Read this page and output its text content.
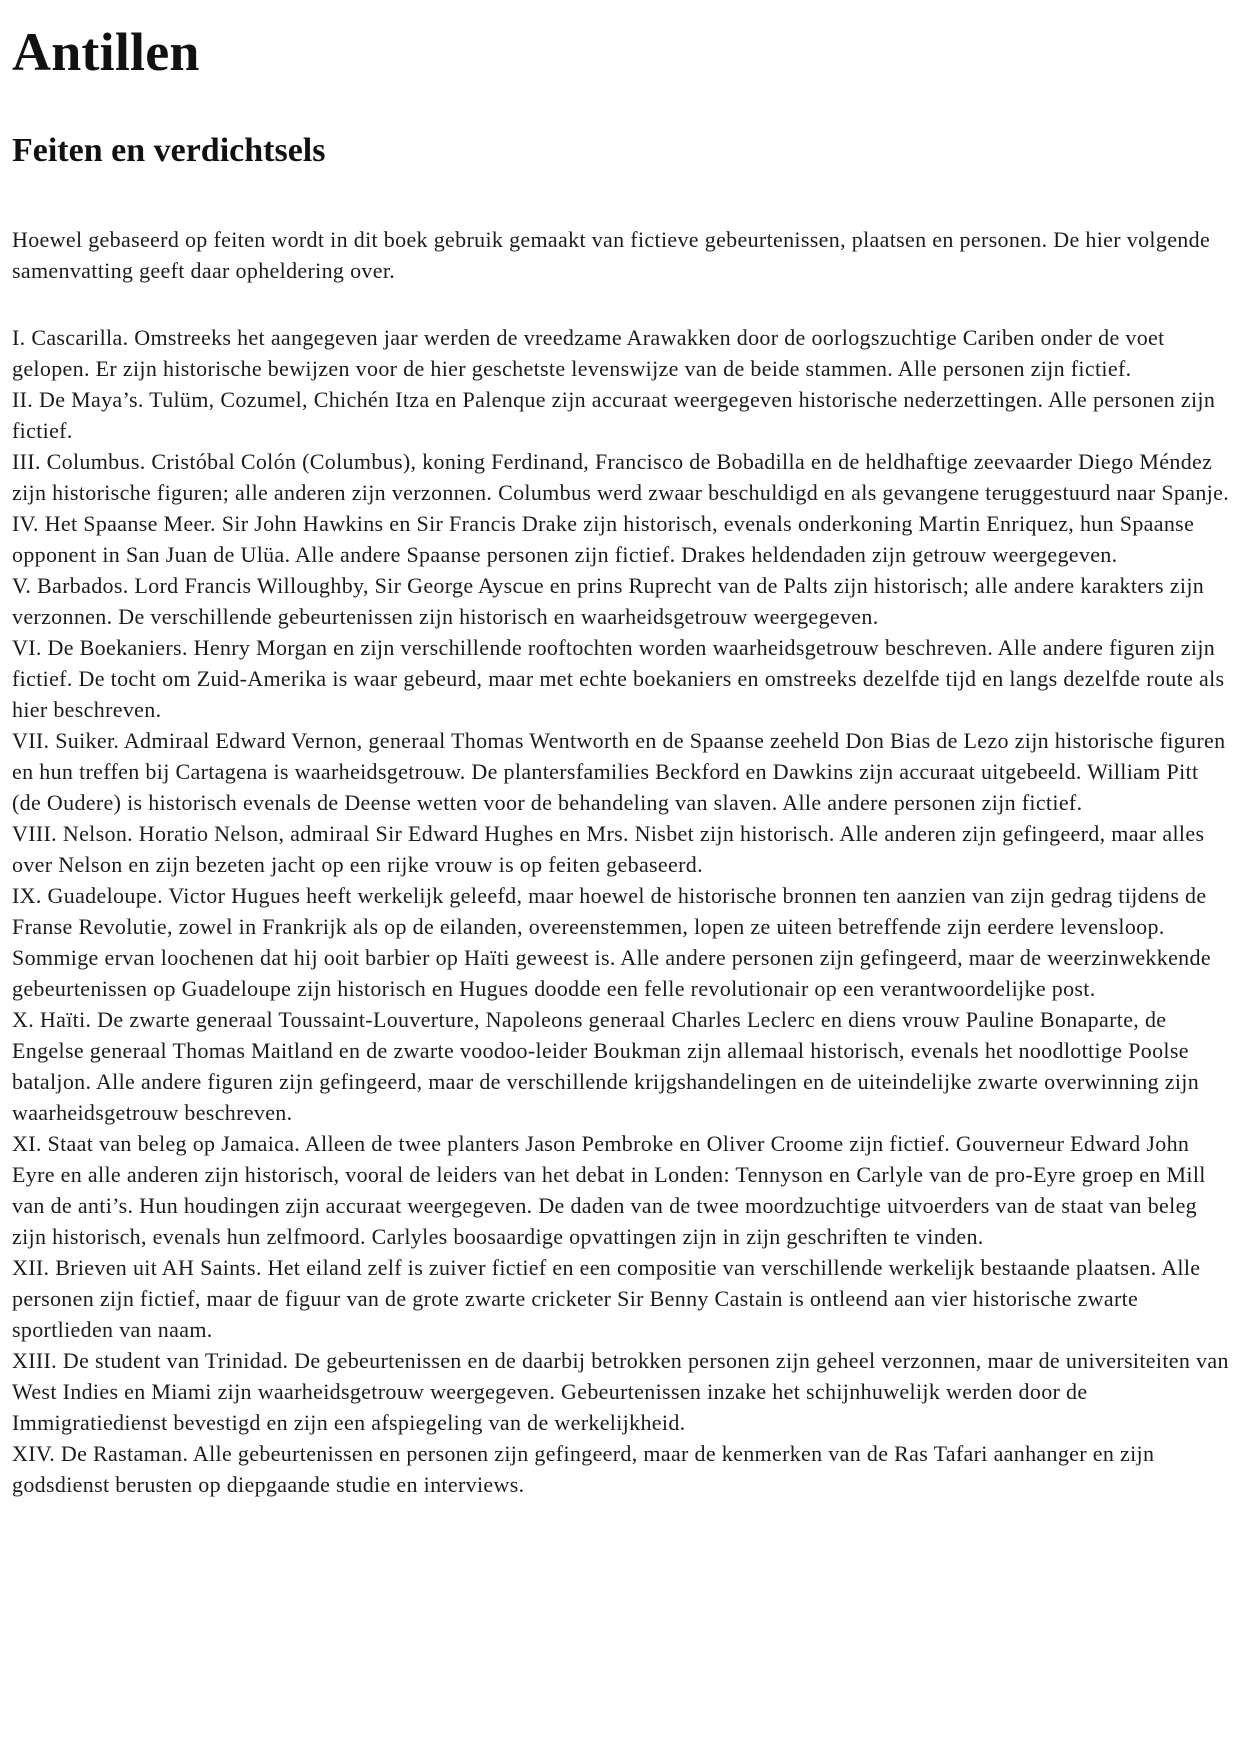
Antillen
Feiten en verdichtsels

Hoewel gebaseerd op feiten wordt in dit boek gebruik gemaakt van fictieve gebeurtenissen, plaatsen en personen. De hier volgende samenvatting geeft daar opheldering over.

I. Cascarilla. Omstreeks het aangegeven jaar werden de vreedzame Arawakken door de oorlogszuchtige Cariben onder de voet gelopen. Er zijn historische bewijzen voor de hier geschetste levenswijze van de beide stammen. Alle personen zijn fictief.

II. De Maya’s. Tulüm, Cozumel, Chichén Itza en Palenque zijn accuraat weergegeven historische nederzettingen. Alle personen zijn fictief.

III. Columbus. Cristóbal Colón (Columbus), koning Ferdinand, Francisco de Bobadilla en de heldhaftige zeevaarder Diego Méndez zijn historische figuren; alle anderen zijn verzonnen. Columbus werd zwaar beschuldigd en als gevangene teruggestuurd naar Spanje.

IV. Het Spaanse Meer. Sir John Hawkins en Sir Francis Drake zijn historisch, evenals onderkoning Martin Enriquez, hun Spaanse opponent in San Juan de Ulüa. Alle andere Spaanse personen zijn fictief. Drakes heldendaden zijn getrouw weergegeven.

V. Barbados. Lord Francis Willoughby, Sir George Ayscue en prins Ruprecht van de Palts zijn historisch; alle andere karakters zijn verzonnen. De verschillende gebeurtenissen zijn historisch en waarheidsgetrouw weergegeven.

VI. De Boekaniers. Henry Morgan en zijn verschillende rooftochten worden waarheidsgetrouw beschreven. Alle andere figuren zijn fictief. De tocht om Zuid-Amerika is waar gebeurd, maar met echte boekaniers en omstreeks dezelfde tijd en langs dezelfde route als hier beschreven.

VII. Suiker. Admiraal Edward Vernon, generaal Thomas Wentworth en de Spaanse zeeheld Don Bias de Lezo zijn historische figuren en hun treffen bij Cartagena is waarheidsgetrouw. De plantersfamilies Beckford en Dawkins zijn accuraat uitgebeeld. William Pitt (de Oudere) is historisch evenals de Deense wetten voor de behandeling van slaven. Alle andere personen zijn fictief.

VIII. Nelson. Horatio Nelson, admiraal Sir Edward Hughes en Mrs. Nisbet zijn historisch. Alle anderen zijn gefingeerd, maar alles over Nelson en zijn bezeten jacht op een rijke vrouw is op feiten gebaseerd.

IX. Guadeloupe. Victor Hugues heeft werkelijk geleefd, maar hoewel de historische bronnen ten aanzien van zijn gedrag tijdens de Franse Revolutie, zowel in Frankrijk als op de eilanden, overeenstemmen, lopen ze uiteen betreffende zijn eerdere levensloop. Sommige ervan loochenen dat hij ooit barbier op Haïti geweest is. Alle andere personen zijn gefingeerd, maar de weerzinwekkende gebeurtenissen op Guadeloupe zijn historisch en Hugues doodde een felle revolutionair op een verantwoordelijke post.

X. Haïti. De zwarte generaal Toussaint-Louverture, Napoleons generaal Charles Leclerc en diens vrouw Pauline Bonaparte, de Engelse generaal Thomas Maitland en de zwarte voodoo-leider Boukman zijn allemaal historisch, evenals het noodlottige Poolse bataljon. Alle andere figuren zijn gefingeerd, maar de verschillende krijgshandelingen en de uiteindelijke zwarte overwinning zijn waarheidsgetrouw beschreven.

XI. Staat van beleg op Jamaica. Alleen de twee planters Jason Pembroke en Oliver Croome zijn fictief. Gouverneur Edward John Eyre en alle anderen zijn historisch, vooral de leiders van het debat in Londen: Tennyson en Carlyle van de pro-Eyre groep en Mill van de anti’s. Hun houdingen zijn accuraat weergegeven. De daden van de twee moordzuchtige uitvoerders van de staat van beleg zijn historisch, evenals hun zelfmoord. Carlyles boosaardige opvattingen zijn in zijn geschriften te vinden.

XII. Brieven uit AH Saints. Het eiland zelf is zuiver fictief en een compositie van verschillende werkelijk bestaande plaatsen. Alle personen zijn fictief, maar de figuur van de grote zwarte cricketer Sir Benny Castain is ontleend aan vier historische zwarte sportlieden van naam.

XIII. De student van Trinidad. De gebeurtenissen en de daarbij betrokken personen zijn geheel verzonnen, maar de universiteiten van West Indies en Miami zijn waarheidsgetrouw weergegeven. Gebeurtenissen inzake het schijnhuwelijk werden door de Immigratiedienst bevestigd en zijn een afspiegeling van de werkelijkheid.

XIV. De Rastaman. Alle gebeurtenissen en personen zijn gefingeerd, maar de kenmerken van de Ras Tafari aanhanger en zijn godsdienst berusten op diepgaande studie en interviews.
